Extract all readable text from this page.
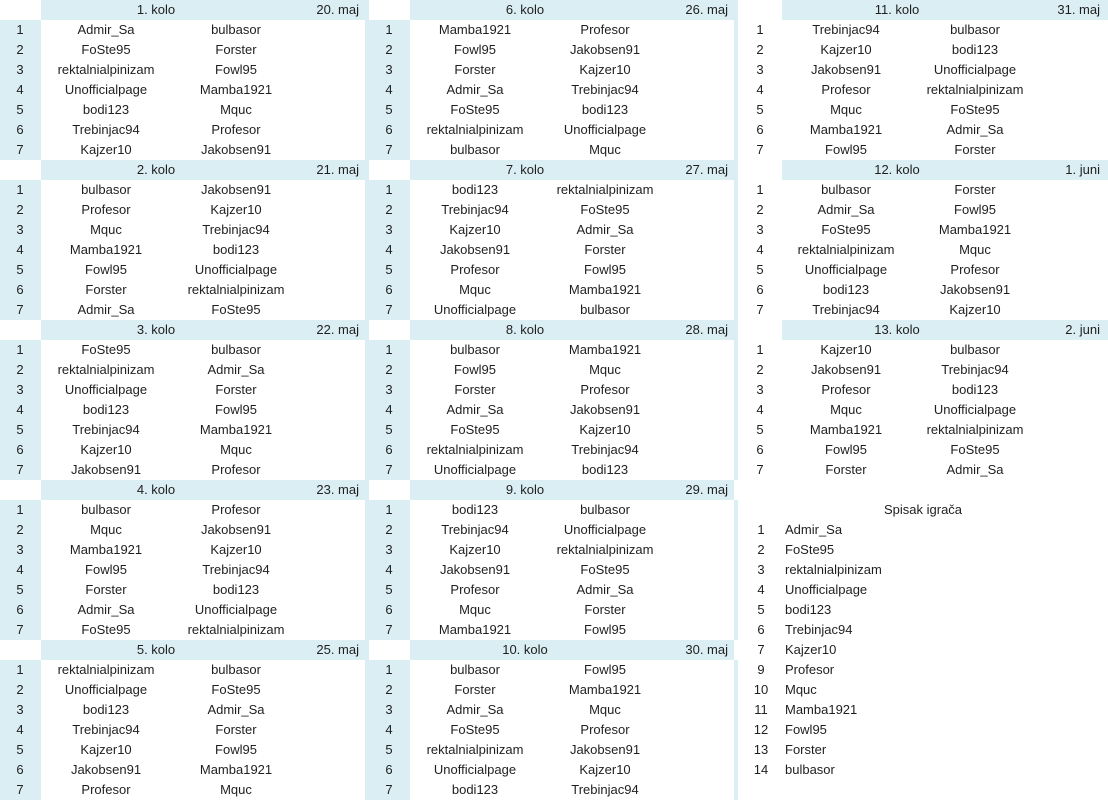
1. kolo	20. maj
1	Admir_Sa	bulbasor
2	FoSte95	Forster
3	rektalnialpinizam	Fowl95
4	Unofficialpage	Mamba1921
5	bodi123	Mquc
6	Trebinjac94	Profesor
7	Kajzer10	Jakobsen91
2. kolo	21. maj
1	bulbasor	Jakobsen91
2	Profesor	Kajzer10
3	Mquc	Trebinjac94
4	Mamba1921	bodi123
5	Fowl95	Unofficialpage
6	Forster	rektalnialpinizam
7	Admir_Sa	FoSte95
3. kolo	22. maj
1	FoSte95	bulbasor
2	rektalnialpinizam	Admir_Sa
3	Unofficialpage	Forster
4	bodi123	Fowl95
5	Trebinjac94	Mamba1921
6	Kajzer10	Mquc
7	Jakobsen91	Profesor
4. kolo	23. maj
1	bulbasor	Profesor
2	Mquc	Jakobsen91
3	Mamba1921	Kajzer10
4	Fowl95	Trebinjac94
5	Forster	bodi123
6	Admir_Sa	Unofficialpage
7	FoSte95	rektalnialpinizam
5. kolo	25. maj
1	rektalnialpinizam	bulbasor
2	Unofficialpage	FoSte95
3	bodi123	Admir_Sa
4	Trebinjac94	Forster
5	Kajzer10	Fowl95
6	Jakobsen91	Mamba1921
7	Profesor	Mquc
6. kolo	26. maj
1	Mamba1921	Profesor
2	Fowl95	Jakobsen91
3	Forster	Kajzer10
4	Admir_Sa	Trebinjac94
5	FoSte95	bodi123
6	rektalnialpinizam	Unofficialpage
7	bulbasor	Mquc
7. kolo	27. maj
1	bodi123	rektalnialpinizam
2	Trebinjac94	FoSte95
3	Kajzer10	Admir_Sa
4	Jakobsen91	Forster
5	Profesor	Fowl95
6	Mquc	Mamba1921
7	Unofficialpage	bulbasor
8. kolo	28. maj
1	bulbasor	Mamba1921
2	Fowl95	Mquc
3	Forster	Profesor
4	Admir_Sa	Jakobsen91
5	FoSte95	Kajzer10
6	rektalnialpinizam	Trebinjac94
7	Unofficialpage	bodi123
9. kolo	29. maj
1	bodi123	bulbasor
2	Trebinjac94	Unofficialpage
3	Kajzer10	rektalnialpinizam
4	Jakobsen91	FoSte95
5	Profesor	Admir_Sa
6	Mquc	Forster
7	Mamba1921	Fowl95
10. kolo	30. maj
1	bulbasor	Fowl95
2	Forster	Mamba1921
3	Admir_Sa	Mquc
4	FoSte95	Profesor
5	rektalnialpinizam	Jakobsen91
6	Unofficialpage	Kajzer10
7	bodi123	Trebinjac94
11. kolo	31. maj
1	Trebinjac94	bulbasor
2	Kajzer10	bodi123
3	Jakobsen91	Unofficialpage
4	Profesor	rektalnialpinizam
5	Mquc	FoSte95
6	Mamba1921	Admir_Sa
7	Fowl95	Forster
12. kolo	1. juni
1	bulbasor	Forster
2	Admir_Sa	Fowl95
3	FoSte95	Mamba1921
4	rektalnialpinizam	Mquc
5	Unofficialpage	Profesor
6	bodi123	Jakobsen91
7	Trebinjac94	Kajzer10
13. kolo	2. juni
1	Kajzer10	bulbasor
2	Jakobsen91	Trebinjac94
3	Profesor	bodi123
4	Mquc	Unofficialpage
5	Mamba1921	rektalnialpinizam
6	Fowl95	FoSte95
7	Forster	Admir_Sa
Spisak igrača
1	Admir_Sa
2	FoSte95
3	rektalnialpinizam
4	Unofficialpage
5	bodi123
6	Trebinjac94
7	Kajzer10
9	Profesor
10	Mquc
11	Mamba1921
12	Fowl95
13	Forster
14	bulbasor
